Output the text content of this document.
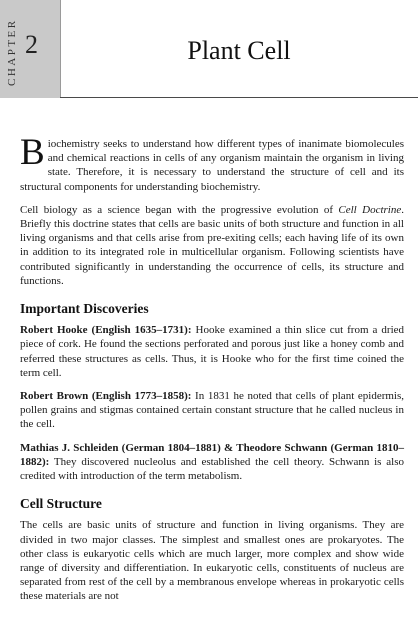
CHAPTER 2	Plant Cell

Biochemistry seeks to understand how different types of inanimate biomolecules and chemical reactions in cells of any organism maintain the organism in living state. Therefore, it is necessary to understand the structure of cell and its structural components for understanding biochemistry.

Cell biology as a science began with the progressive evolution of Cell Doctrine. Briefly this doctrine states that cells are basic units of both structure and function in all living organisms and that cells arise from pre-exiting cells; each having life of its own in addition to its integrated role in multicellular organism. Following scientists have contributed significantly in understanding the occurrence of cells, its structure and functions.

Important Discoveries

Robert Hooke (English 1635–1731): Hooke examined a thin slice cut from a dried piece of cork. He found the sections perforated and porous just like a honey comb and referred these structures as cells. Thus, it is Hooke who for the first time coined the term cell.

Robert Brown (English 1773–1858): In 1831 he noted that cells of plant epidermis, pollen grains and stigmas contained certain constant structure that he called nucleus in the cell.

Mathias J. Schleiden (German 1804–1881) & Theodore Schwann (German 1810–1882): They discovered nucleolus and established the cell theory. Schwann is also credited with introduction of the term metabolism.

Cell Structure

The cells are basic units of structure and function in living organisms. They are divided in two major classes. The simplest and smallest ones are prokaryotes. The other class is eukaryotic cells which are much larger, more complex and show wide range of diversity and differentiation. In eukaryotic cells, constituents of nucleus are separated from rest of the cell by a membranous envelope whereas in prokaryotic cells these materials are not
